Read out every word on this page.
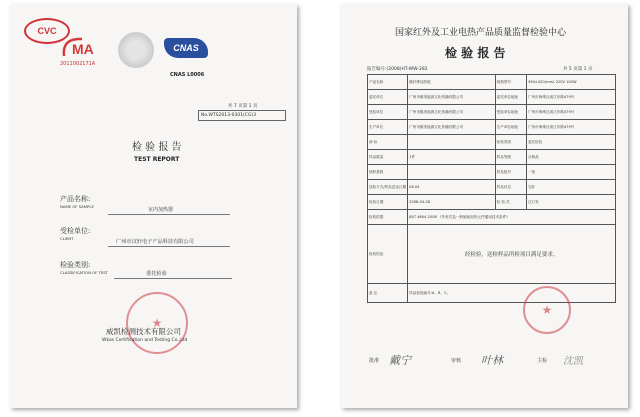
CVC
MA
2011002171A
CNAS
CNAS L0006
共 7 页第 1 页
No.WTS2013-0301(CG)3
检 验 报 告
TEST REPORT
产品名称:
NAME OF SAMPLE
室内加热器
受检单位:
CLIENT
广州市汉轩电子产品科技有限公司
检验类别:
CLASSIFICATION OF TEST	委托检验
★
威凯检测技术有限公司
Wkas Certification and Testing Co.,Ltd
国家红外及工业电热产品质量监督检验中心
检 验 报 告
报告编号:(2008)HT-WW-282	共 5 页第 1 页
产品名称	碳纤维加热板	规格型号	390×420(mm) 220V 100W
委托单位	广州市镇美能源文化传播有限公司	委托单位地址	广州市海珠区滨江东路479号
受检单位	广州市镇美能源文化传播有限公司	受检单位地址	广州市海珠区滨江东路479号
生产单位	广州市镇美能源文化传播有限公司	生产单位地址	广州市海珠区滨江东路479号
商 标		检验类别	委托检验
样品数量	1件	样品等级	合格品
抽样基数		样品批号	一批
送检方式/样品送达日期	08.04	样品状态	完好
检验日期	2008-04-28	检 验 员	汪万发
检验依据	JB/T 4604-2008 《外套式及一般辐射加热元件通用技术条件》		
检验结论	经检验，送检样品所检项目满足要求。		
备 注	样品检验编号:A、B、C。		
★
批准 戴宁	审核 叶林	主检 沈凯
